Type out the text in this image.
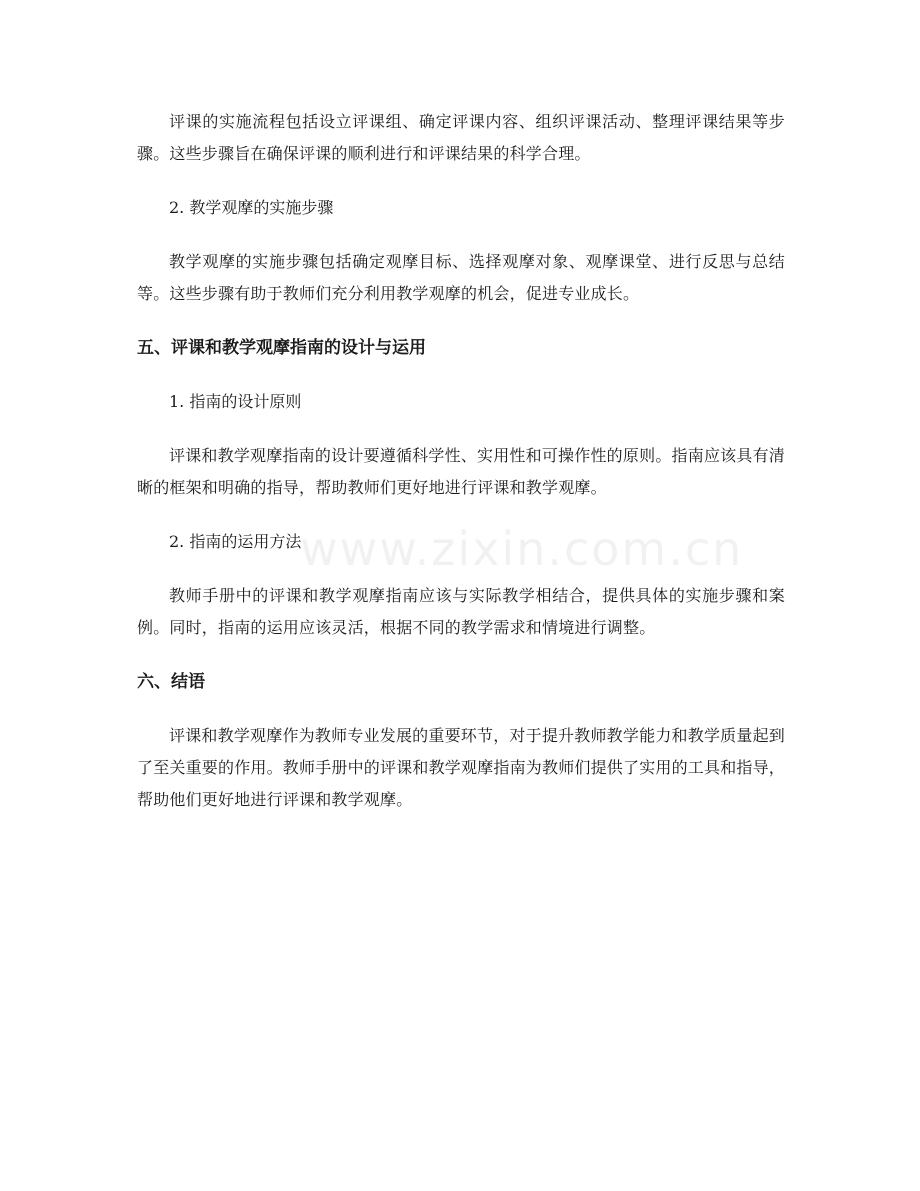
www.zixin.com.cn

评课的实施流程包括设立评课组、确定评课内容、组织评课活动、整理评课结果等步骤。这些步骤旨在确保评课的顺利进行和评课结果的科学合理。

2. 教学观摩的实施步骤

教学观摩的实施步骤包括确定观摩目标、选择观摩对象、观摩课堂、进行反思与总结等。这些步骤有助于教师们充分利用教学观摩的机会，促进专业成长。

五、评课和教学观摩指南的设计与运用

1. 指南的设计原则

评课和教学观摩指南的设计要遵循科学性、实用性和可操作性的原则。指南应该具有清晰的框架和明确的指导，帮助教师们更好地进行评课和教学观摩。

2. 指南的运用方法

教师手册中的评课和教学观摩指南应该与实际教学相结合，提供具体的实施步骤和案例。同时，指南的运用应该灵活，根据不同的教学需求和情境进行调整。

六、结语

评课和教学观摩作为教师专业发展的重要环节，对于提升教师教学能力和教学质量起到了至关重要的作用。教师手册中的评课和教学观摩指南为教师们提供了实用的工具和指导，帮助他们更好地进行评课和教学观摩。
